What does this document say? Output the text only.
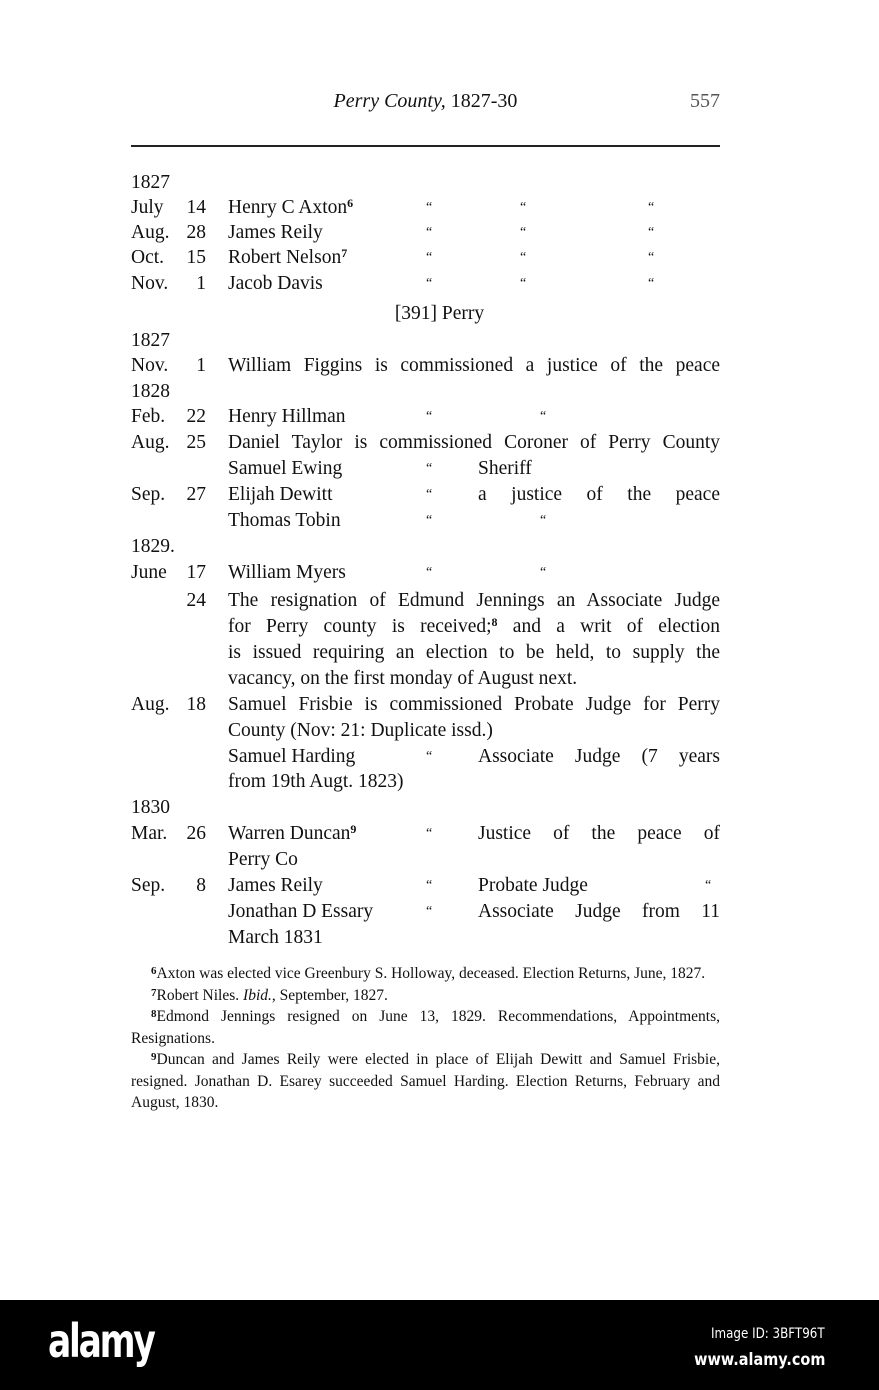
Perry County, 1827-30	557
1827
July	14 Henry C Axton$^6$	“	“	“
Aug. 28 James Reily	“	“	“
Oct.	15 Robert Nelson$^7$	“	“	“
Nov.	1 Jacob Davis	“	“	“
[391] Perry
1827
Nov.	1 William Figgins is commissioned a justice of the peace
1828
Feb.	22 Henry Hillman	“	“
Aug. 25 Daniel Taylor is commissioned Coroner of Perry County
Samuel Ewing	“ Sheriff
Sep.	27 Elijah Dewitt	“ a justice of the peace
Thomas Tobin	“	“
1829.
June	17 William Myers	“	“
24 The resignation of Edmund Jennings an Associate Judge
for Perry county is received;$^8$ and a writ of election
is issued requiring an election to be held, to supply the
vacancy, on the first monday of August next.
Aug. 18 Samuel Frisbie is commissioned Probate Judge for Perry
County (Nov: 21: Duplicate issd.)
Samuel Harding	“ Associate Judge (7 years
from 19th Augt. 1823)
1830
Mar. 26 Warren Duncan$^9$	“ Justice of the peace of
Perry Co
Sep.	8 James Reily	“ Probate Judge	“
Jonathan D Essary	“ Associate Judge from 11
March 1831

$^6$Axton was elected vice Greenbury S. Holloway, deceased. Election Returns, June, 1827.

$^7$Robert Niles. Ibid., September, 1827.

$^8$Edmond Jennings resigned on June 13, 1829. Recommendations, Appointments, Resignations.

$^9$Duncan and James Reily were elected in place of Elijah Dewitt and Samuel Frisbie, resigned. Jonathan D. Esarey succeeded Samuel Harding. Election Returns, February and August, 1830.

alamy	Image ID: 3BFT96T
www.alamy.com
